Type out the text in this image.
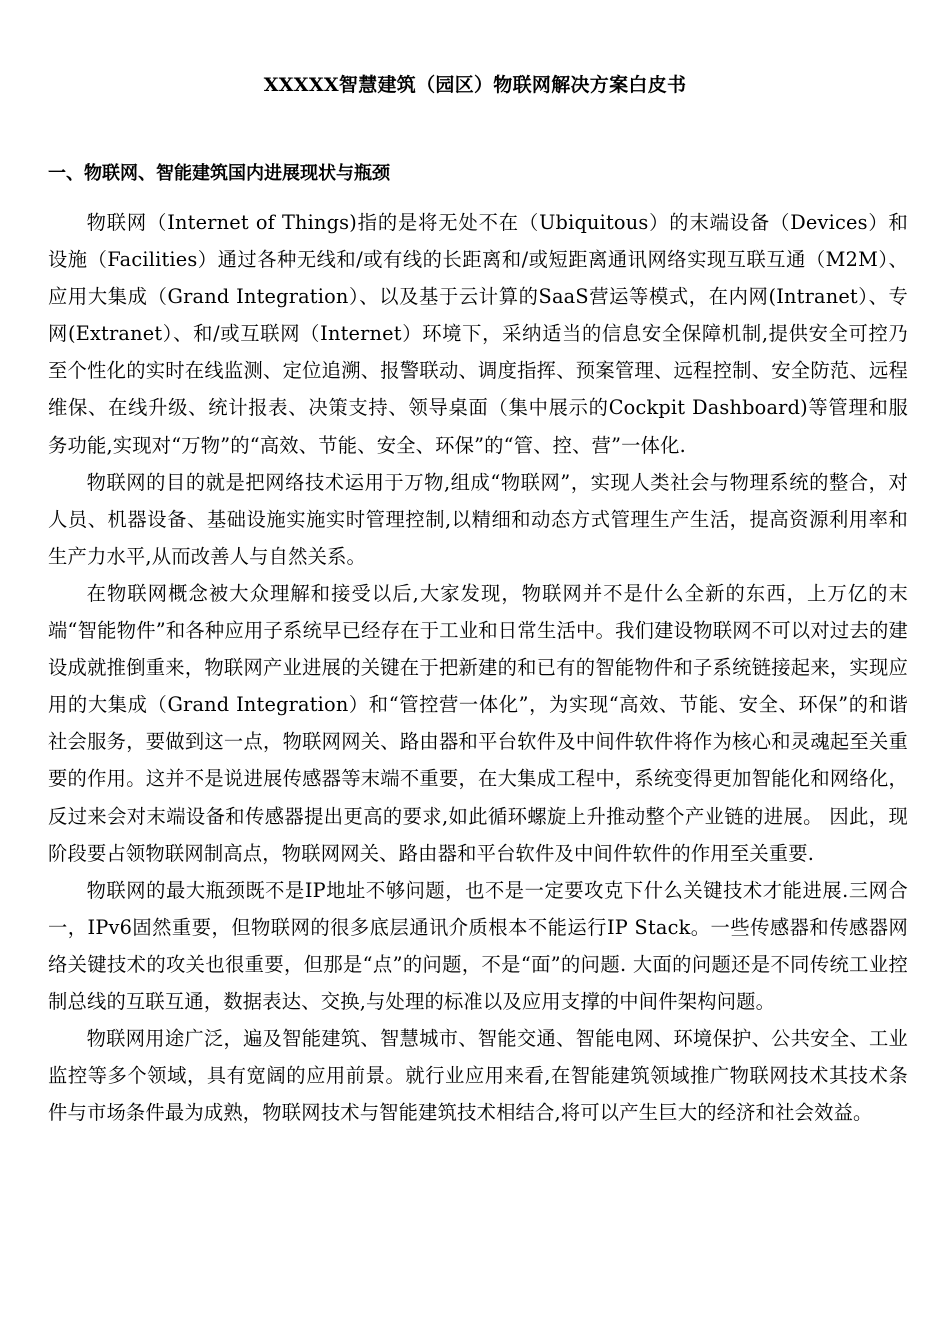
XXXXX智慧建筑（园区）物联网解决方案白皮书
一、物联网、智能建筑国内进展现状与瓶颈

物联网（Internet of Things)指的是将无处不在（Ubiquitous）的末端设备（Devices）和设施（Facilities）通过各种无线和/或有线的长距离和/或短距离通讯网络实现互联互通（M2M）、应用大集成（Grand Integration）、以及基于云计算的SaaS营运等模式，在内网(Intranet）、专网(Extranet）、和/或互联网（Internet）环境下，采纳适当的信息安全保障机制,提供安全可控乃至个性化的实时在线监测、定位追溯、报警联动、调度指挥、预案管理、远程控制、安全防范、远程维保、在线升级、统计报表、决策支持、领导桌面（集中展示的Cockpit Dashboard)等管理和服务功能,实现对“万物”的“高效、节能、安全、环保”的“管、控、营”一体化.

物联网的目的就是把网络技术运用于万物,组成“物联网”，实现人类社会与物理系统的整合，对人员、机器设备、基础设施实施实时管理控制,以精细和动态方式管理生产生活，提高资源利用率和生产力水平,从而改善人与自然关系。

在物联网概念被大众理解和接受以后,大家发现，物联网并不是什么全新的东西，上万亿的末端“智能物件”和各种应用子系统早已经存在于工业和日常生活中。我们建设物联网不可以对过去的建设成就推倒重来，物联网产业进展的关键在于把新建的和已有的智能物件和子系统链接起来，实现应用的大集成（Grand Integration）和“管控营一体化”，为实现“高效、节能、安全、环保”的和谐社会服务，要做到这一点，物联网网关、路由器和平台软件及中间件软件将作为核心和灵魂起至关重要的作用。这并不是说进展传感器等末端不重要，在大集成工程中，系统变得更加智能化和网络化，反过来会对末端设备和传感器提出更高的要求,如此循环螺旋上升推动整个产业链的进展。 因此，现阶段要占领物联网制高点，物联网网关、路由器和平台软件及中间件软件的作用至关重要.

物联网的最大瓶颈既不是IP地址不够问题，也不是一定要攻克下什么关键技术才能进展.三网合一，IPv6固然重要，但物联网的很多底层通讯介质根本不能运行IP Stack。一些传感器和传感器网络关键技术的攻关也很重要，但那是“点”的问题，不是“面”的问题. 大面的问题还是不同传统工业控制总线的互联互通，数据表达、交换,与处理的标准以及应用支撑的中间件架构问题。

物联网用途广泛，遍及智能建筑、智慧城市、智能交通、智能电网、环境保护、公共安全、工业监控等多个领域，具有宽阔的应用前景。就行业应用来看,在智能建筑领域推广物联网技术其技术条件与市场条件最为成熟，物联网技术与智能建筑技术相结合,将可以产生巨大的经济和社会效益。
